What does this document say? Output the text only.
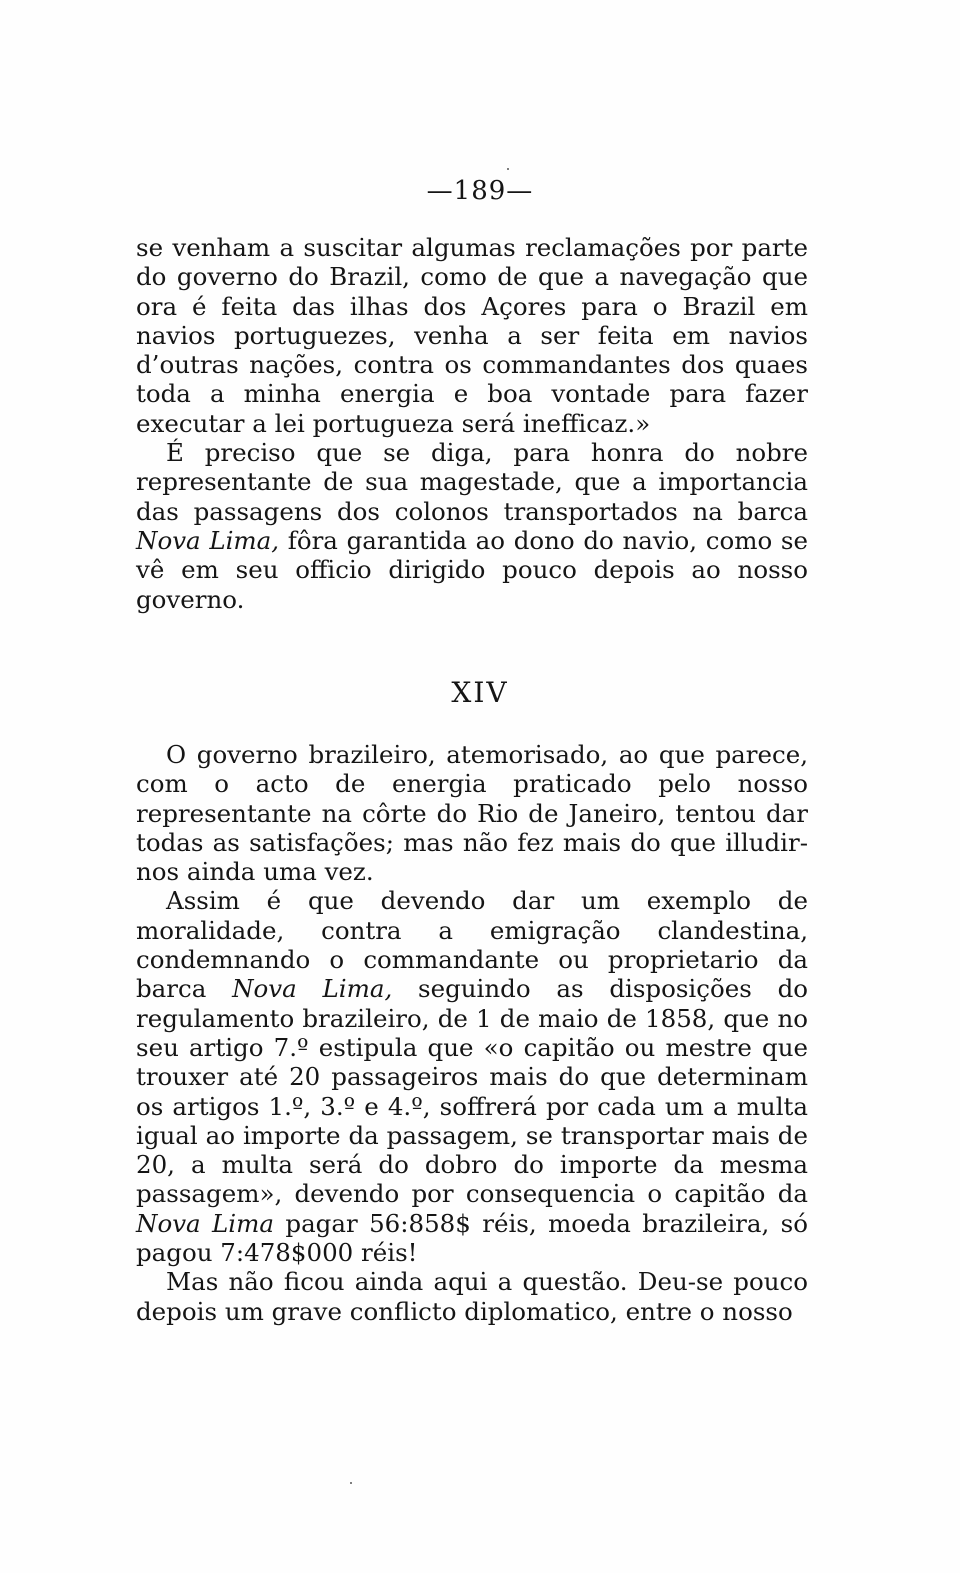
—189—

se venham a suscitar algumas reclamações por parte do governo do Brazil, como de que a navegação que ora é feita das ilhas dos Açores para o Brazil em navios portuguezes, venha a ser feita em navios d’outras nações, contra os commandantes dos quaes toda a minha energia e boa vontade para fazer executar a lei portugueza será inefficaz.»

É preciso que se diga, para honra do nobre representante de sua magestade, que a importancia das passagens dos colonos transportados na barca Nova Lima, fôra garantida ao dono do navio, como se vê em seu officio dirigido pouco depois ao nosso governo.

XIV

O governo brazileiro, atemorisado, ao que parece, com o acto de energia praticado pelo nosso representante na côrte do Rio de Janeiro, tentou dar todas as satisfações; mas não fez mais do que illudir-nos ainda uma vez.

Assim é que devendo dar um exemplo de moralidade, contra a emigração clandestina, condemnando o commandante ou proprietario da barca Nova Lima, seguindo as disposições do regulamento brazileiro, de 1 de maio de 1858, que no seu artigo 7.º estipula que «o capitão ou mestre que trouxer até 20 passageiros mais do que determinam os artigos 1.º, 3.º e 4.º, soffrerá por cada um a multa igual ao importe da passagem, se transportar mais de 20, a multa será do dobro do importe da mesma passagem», devendo por consequencia o capitão da Nova Lima pagar 56:858$ réis, moeda brazileira, só pagou 7:478$000 réis!

Mas não ficou ainda aqui a questão. Deu-se pouco depois um grave conflicto diplomatico, entre o nosso
